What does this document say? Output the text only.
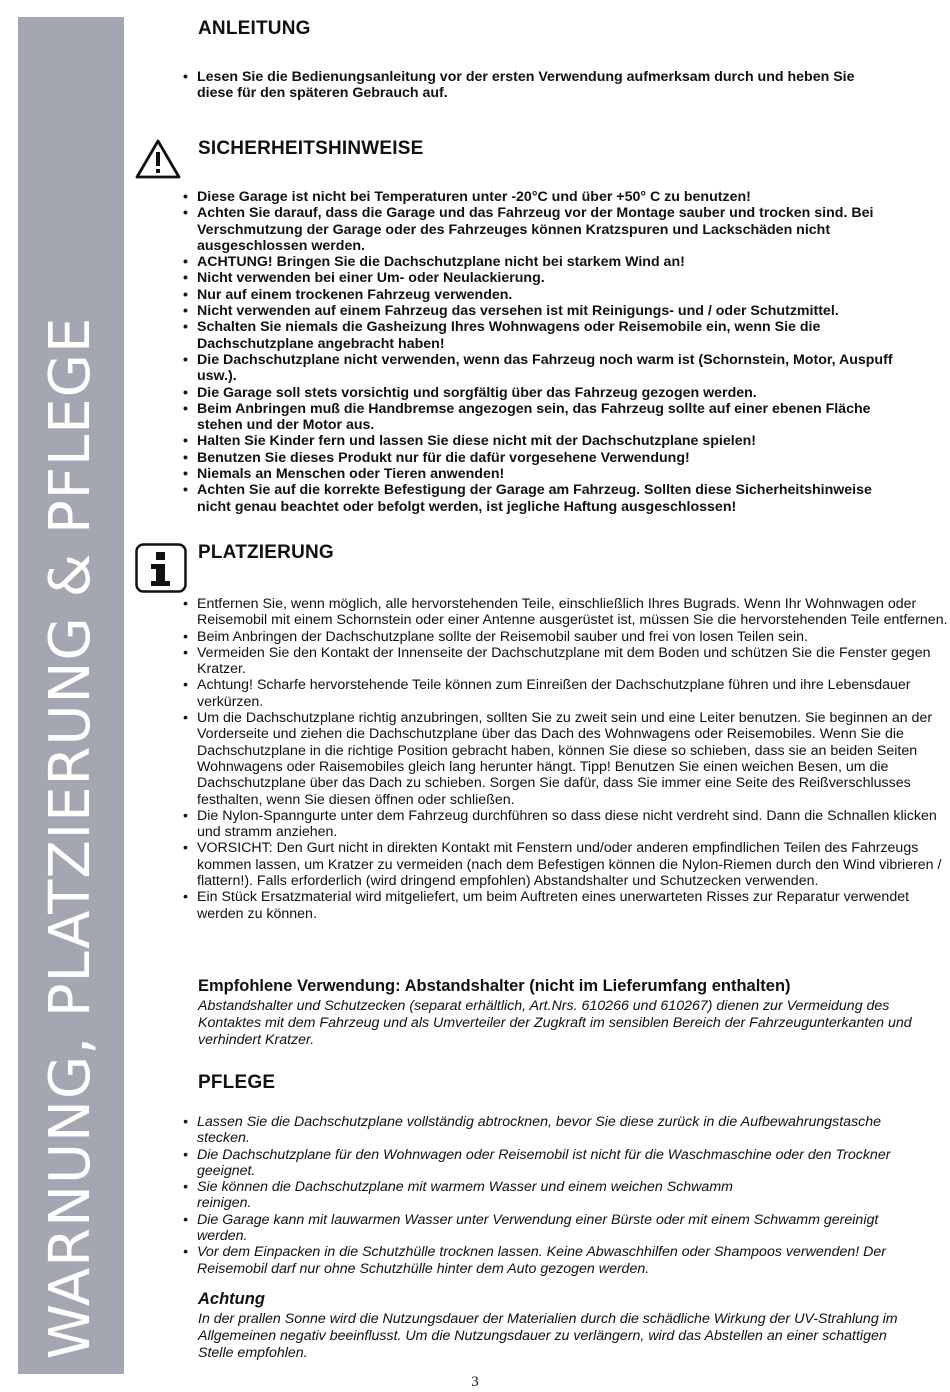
WARNUNG, PLATZIERUNG & PFLEGE
ANLEITUNG
• Lesen Sie die Bedienungsanleitung vor der ersten Verwendung aufmerksam durch und heben Sie diese für den späteren Gebrauch auf.
SICHERHEITSHINWEISE
• Diese Garage ist nicht bei Temperaturen unter -20°C und über +50° C zu benutzen!
• Achten Sie darauf, dass die Garage und das Fahrzeug vor der Montage sauber und trocken sind. Bei Verschmutzung der Garage oder des Fahrzeuges können Kratzspuren und Lackschäden nicht ausgeschlossen werden.
• ACHTUNG! Bringen Sie die Dachschutzplane nicht bei starkem Wind an!
• Nicht verwenden bei einer Um- oder Neulackierung.
• Nur auf einem trockenen Fahrzeug verwenden.
• Nicht verwenden auf einem Fahrzeug das versehen ist mit Reinigungs- und / oder Schutzmittel.
• Schalten Sie niemals die Gasheizung Ihres Wohnwagens oder Reisemobile ein, wenn Sie die Dachschutzplane angebracht haben!
• Die Dachschutzplane nicht verwenden, wenn das Fahrzeug noch warm ist (Schornstein, Motor, Auspuff usw.).
• Die Garage soll stets vorsichtig und sorgfältig über das Fahrzeug gezogen werden.
• Beim Anbringen muß die Handbremse angezogen sein, das Fahrzeug sollte auf einer ebenen Fläche stehen und der Motor aus.
• Halten Sie Kinder fern und lassen Sie diese nicht mit der Dachschutzplane spielen!
• Benutzen Sie dieses Produkt nur für die dafür vorgesehene Verwendung!
• Niemals an Menschen oder Tieren anwenden!
• Achten Sie auf die korrekte Befestigung der Garage am Fahrzeug. Sollten diese Sicherheitshinweise nicht genau beachtet oder befolgt werden, ist jegliche Haftung ausgeschlossen!
PLATZIERUNG
• Entfernen Sie, wenn möglich, alle hervorstehenden Teile, einschließlich Ihres Bugrads. Wenn Ihr Wohnwagen oder Reisemobil mit einem Schornstein oder einer Antenne ausgerüstet ist, müssen Sie die hervorstehenden Teile entfernen.
• Beim Anbringen der Dachschutzplane sollte der Reisemobil sauber und frei von losen Teilen sein.
• Vermeiden Sie den Kontakt der Innenseite der Dachschutzplane mit dem Boden und schützen Sie die Fenster gegen Kratzer.
• Achtung! Scharfe hervorstehende Teile können zum Einreißen der Dachschutzplane führen und ihre Lebensdauer verkürzen.
• Um die Dachschutzplane richtig anzubringen, sollten Sie zu zweit sein und eine Leiter benutzen. Sie beginnen an der Vorderseite und ziehen die Dachschutzplane über das Dach des Wohnwagens oder Reisemobiles. Wenn Sie die Dachschutzplane in die richtige Position gebracht haben, können Sie diese so schieben, dass sie an beiden Seiten Wohnwagens oder Raisemobiles gleich lang herunter hängt. Tipp! Benutzen Sie einen weichen Besen, um die Dachschutzplane über das Dach zu schieben. Sorgen Sie dafür, dass Sie immer eine Seite des Reißverschlusses festhalten, wenn Sie diesen öffnen oder schließen.
• Die Nylon-Spanngurte unter dem Fahrzeug durchführen so dass diese nicht verdreht sind. Dann die Schnallen klicken und stramm anziehen.
• VORSICHT: Den Gurt nicht in direkten Kontakt mit Fenstern und/oder anderen empfindlichen Teilen des Fahrzeugs kommen lassen, um Kratzer zu vermeiden (nach dem Befestigen können die Nylon-Riemen durch den Wind vibrieren / flattern!). Falls erforderlich (wird dringend empfohlen) Abstandshalter und Schutzecken verwenden.
• Ein Stück Ersatzmaterial wird mitgeliefert, um beim Auftreten eines unerwarteten Risses zur Reparatur verwendet werden zu können.
Empfohlene Verwendung: Abstandshalter (nicht im Lieferumfang enthalten)

Abstandshalter und Schutzecken (separat erhältlich, Art.Nrs. 610266 und 610267) dienen zur Vermeidung des Kontaktes mit dem Fahrzeug und als Umverteiler der Zugkraft im sensiblen Bereich der Fahrzeugunterkanten und verhindert Kratzer.

PFLEGE
• Lassen Sie die Dachschutzplane vollständig abtrocknen, bevor Sie diese zurück in die Aufbewahrungstasche stecken.
• Die Dachschutzplane für den Wohnwagen oder Reisemobil ist nicht für die Waschmaschine oder den Trockner geeignet.
• Sie können die Dachschutzplane mit warmem Wasser und einem weichen Schwamm reinigen.
• Die Garage kann mit lauwarmen Wasser unter Verwendung einer Bürste oder mit einem Schwamm gereinigt werden.
• Vor dem Einpacken in die Schutzhülle trocknen lassen. Keine Abwaschhilfen oder Shampoos verwenden! Der Reisemobil darf nur ohne Schutzhülle hinter dem Auto gezogen werden.
Achtung

In der prallen Sonne wird die Nutzungsdauer der Materialien durch die schädliche Wirkung der UV-Strahlung im Allgemeinen negativ beeinflusst. Um die Nutzungsdauer zu verlängern, wird das Abstellen an einer schattigen Stelle empfohlen.

3
